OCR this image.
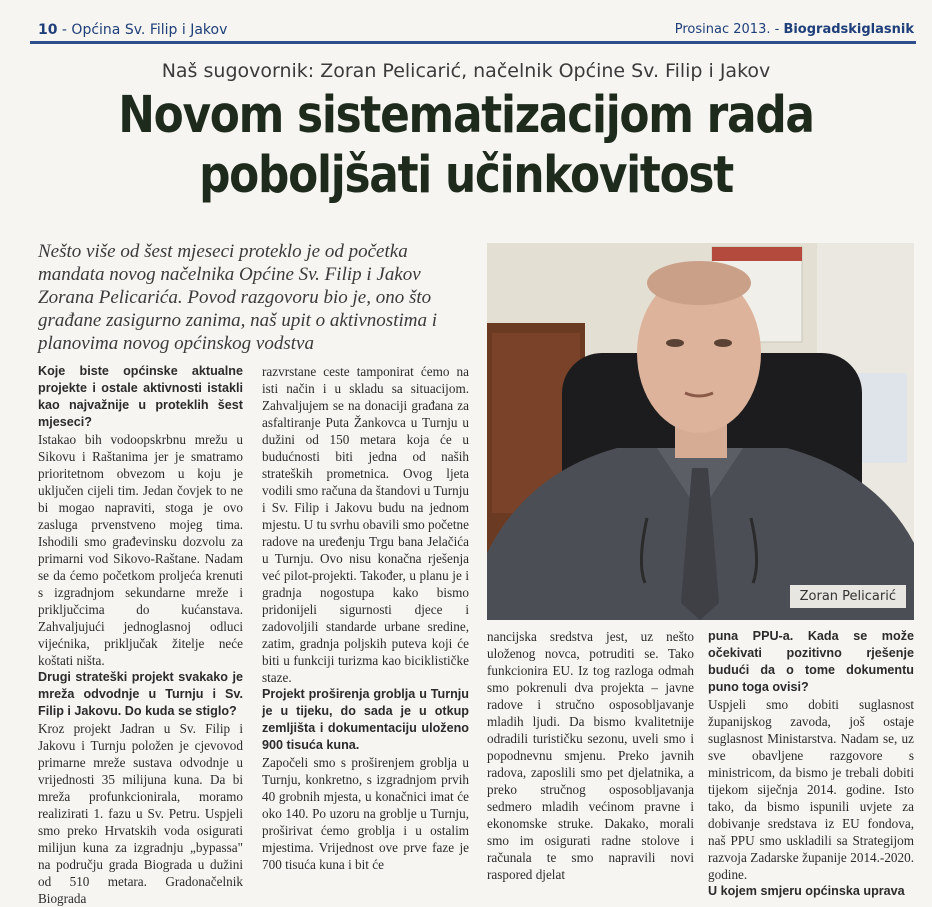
10 - Općina Sv. Filip i Jakov	Prosinac 2013. - Biogradskiglasnik
Naš sugovornik: Zoran Pelicarić, načelnik Općine Sv. Filip i Jakov
Novom sistematizacijom rada
poboljšati učinkovitost
Nešto više od šest mjeseci proteklo je od početka mandata novog načelnika Općine Sv. Filip i Jakov Zorana Pelicarića. Povod razgovoru bio je, ono što građane zasigurno zanima, naš upit o aktivnostima i planovima novog općinskog vodstva
Zoran Pelicarić

Koje biste općinske aktualne projekte i ostale aktivnosti istakli kao najvažnije u proteklih šest mjeseci?

Istakao bih vodoopskrbnu mrežu u Sikovu i Raštanima jer je smatramo prioritetnom obvezom u koju je uključen cijeli tim. Jedan čovjek to ne bi mogao napraviti, stoga je ovo zasluga prvenstveno mojeg tima. Ishodili smo građevinsku dozvolu za primarni vod Sikovo-Raštane. Nadam se da ćemo početkom proljeća krenuti s izgradnjom sekundarne mreže i priključcima do kućanstava. Zahvaljujući jednoglasnoj odluci vijećnika, priključak žitelje neće koštati ništa.

Drugi strateški projekt svakako je mreža odvodnje u Turnju i Sv. Filip i Jakovu. Do kuda se stiglo?

Kroz projekt Jadran u Sv. Filip i Jakovu i Turnju položen je cjevovod primarne mreže sustava odvodnje u vrijednosti 35 milijuna kuna. Da bi mreža profunkcionirala, moramo realizirati 1. fazu u Sv. Petru. Uspjeli smo preko Hrvatskih voda osigurati milijun kuna za izgradnju „bypassa" na području grada Biograda u dužini od 510 metara. Gradonačelnik Biograda

razvrstane ceste tamponirat ćemo na isti način i u skladu sa situacijom. Zahvaljujem se na donaciji građana za asfaltiranje Puta Žankovca u Turnju u dužini od 150 metara koja će u budućnosti biti jedna od naših strateških prometnica. Ovog ljeta vodili smo računa da štandovi u Turnju i Sv. Filip i Jakovu budu na jednom mjestu. U tu svrhu obavili smo početne radove na uređenju Trgu bana Jelačića u Turnju. Ovo nisu konačna rješenja već pilot-projekti. Također, u planu je i gradnja nogostupa kako bismo pridonijeli sigurnosti djece i zadovoljili standarde urbane sredine, zatim, gradnja poljskih puteva koji će biti u funkciji turizma kao biciklističke staze.

Projekt proširenja groblja u Turnju je u tijeku, do sada je u otkup zemljišta i dokumentaciju uloženo 900 tisuća kuna.

Započeli smo s proširenjem groblja u Turnju, konkretno, s izgradnjom prvih 40 grobnih mjesta, u konačnici imat će oko 140. Po uzoru na groblje u Turnju, proširivat ćemo groblja i u ostalim mjestima. Vrijednost ove prve faze je 700 tisuća kuna i bit će

nancijska sredstva jest, uz nešto uloženog novca, potruditi se. Tako funkcionira EU. Iz tog razloga odmah smo pokrenuli dva projekta – javne radove i stručno osposobljavanje mladih ljudi. Da bismo kvalitetnije odradili turističku sezonu, uveli smo i popodnevnu smjenu. Preko javnih radova, zaposlili smo pet djelatnika, a preko stručnog osposobljavanja sedmero mladih većinom pravne i ekonomske struke. Dakako, morali smo im osigurati radne stolove i računala te smo napravili novi raspored djelat

puna PPU-a. Kada se može očekivati pozitivno rješenje budući da o tome dokumentu puno toga ovisi?

Uspjeli smo dobiti suglasnost županijskog zavoda, još ostaje suglasnost Ministarstva. Nadam se, uz sve obavljene razgovore s ministricom, da bismo je trebali dobiti tijekom siječnja 2014. godine. Isto tako, da bismo ispunili uvjete za dobivanje sredstava iz EU fondova, naš PPU smo uskladili sa Strategijom razvoja Zadarske županije 2014.-2020. godine.

U kojem smjeru općinska uprava
